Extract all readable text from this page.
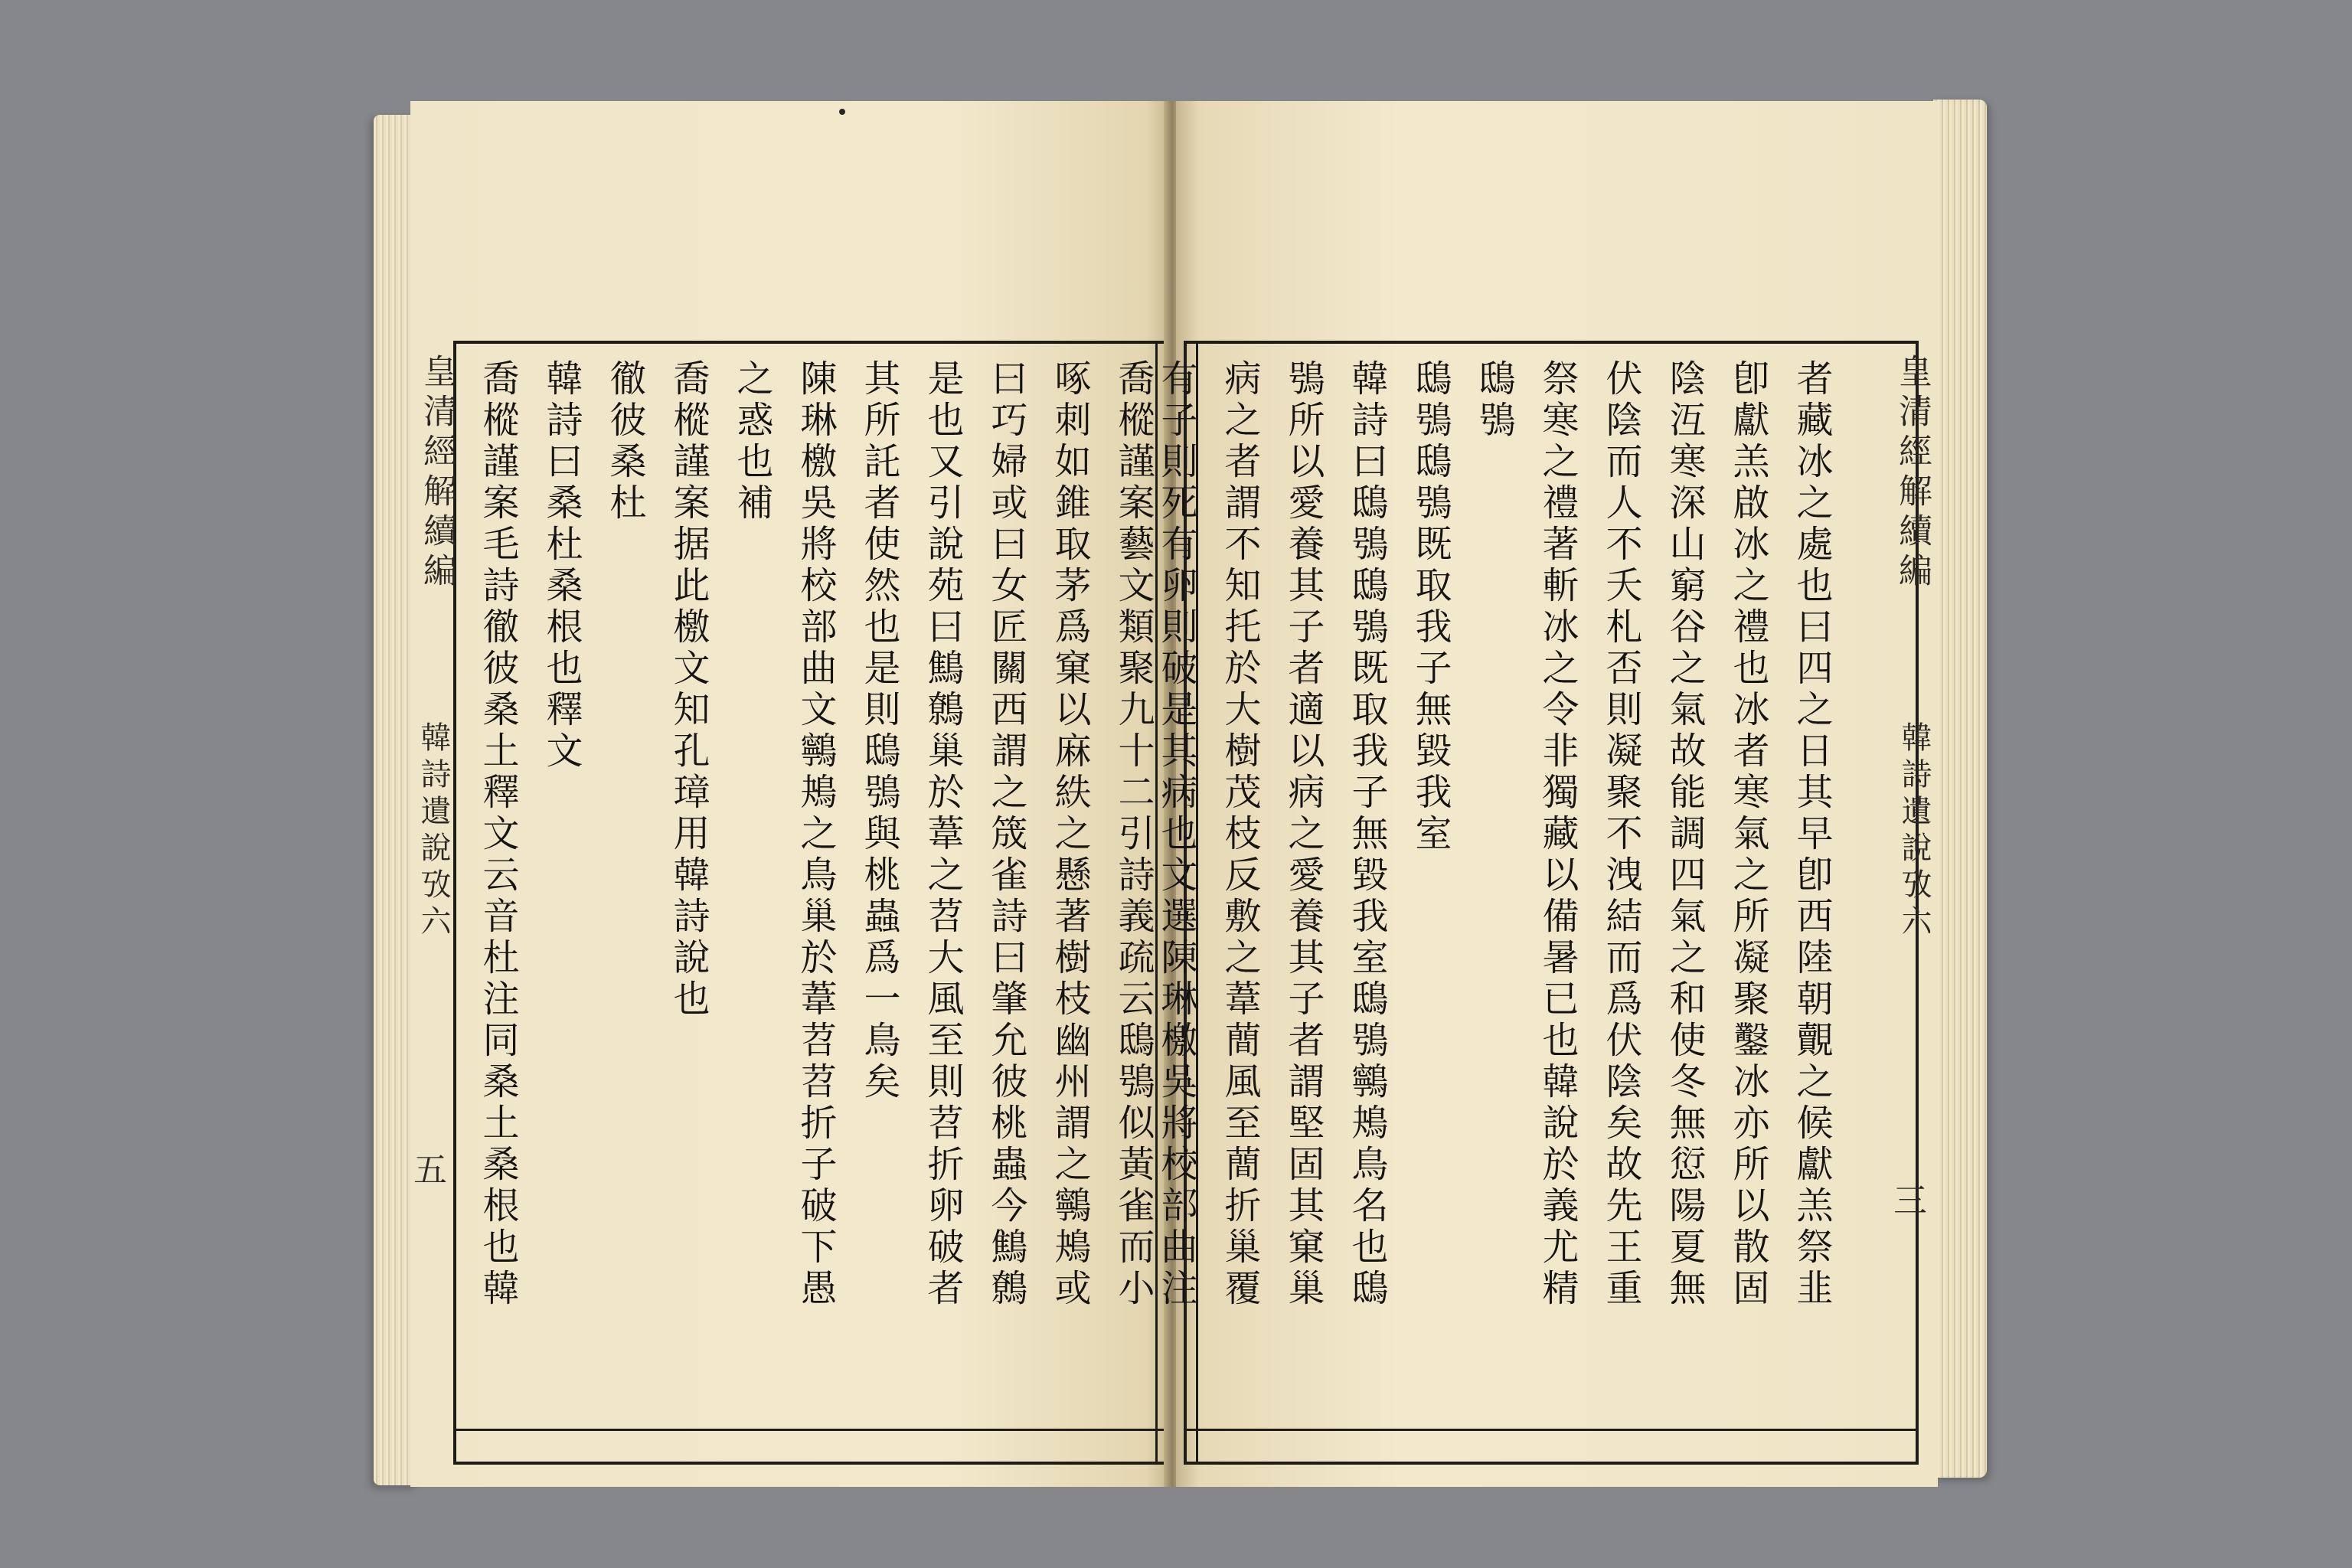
喬樅謹案藝文類聚九十二引詩義疏云鴟鴞似黃雀而小
啄刺如錐取茅爲窠以麻紩之懸著樹枝幽州謂之鸋鴂或
曰巧婦或曰女匠關西謂之筬雀詩曰肇允彼桃蟲今鷦鷯
是也又引說苑曰鷦鷯巢於葦之苕大風至則苕折卵破者
其所託者使然也是則鴟鴞與桃蟲爲一鳥矣
陳琳檄吳將校部曲文鸋鴂之鳥巢於葦苕苕折子破下愚
之惑也補
喬樅謹案据此檄文知孔璋用韓詩說也
徹彼桑杜
韓詩曰桑杜桑根也釋文
喬樅謹案毛詩徹彼桑土釋文云音杜注同桑土桑根也韓
皇清經解續編
韓詩遺說攷六
五	者藏冰之處也曰四之日其早卽西陸朝覿之候獻羔祭韭
卽獻羔啟冰之禮也冰者寒氣之所凝聚鑿冰亦所以散固
陰沍寒深山窮谷之氣故能調四氣之和使冬無愆陽夏無
伏陰而人不夭札否則凝聚不洩結而爲伏陰矣故先王重
祭寒之禮著斬冰之令非獨藏以備暑已也韓說於義尤精
鴟鴞
鴟鴞鴟鴞既取我子無毀我室
韓詩曰鴟鴞鴟鴞既取我子無毀我室鴟鴞鸋鴂鳥名也鴟
鴞所以愛養其子者適以病之愛養其子者謂堅固其窠巢
病之者謂不知托於大樹茂枝反敷之葦蕳風至蕳折巢覆
有子則死有卵則破是其病也文選陳琳檄吳將校部曲注	皇清經解續編
韓詩遺說攷六
三
